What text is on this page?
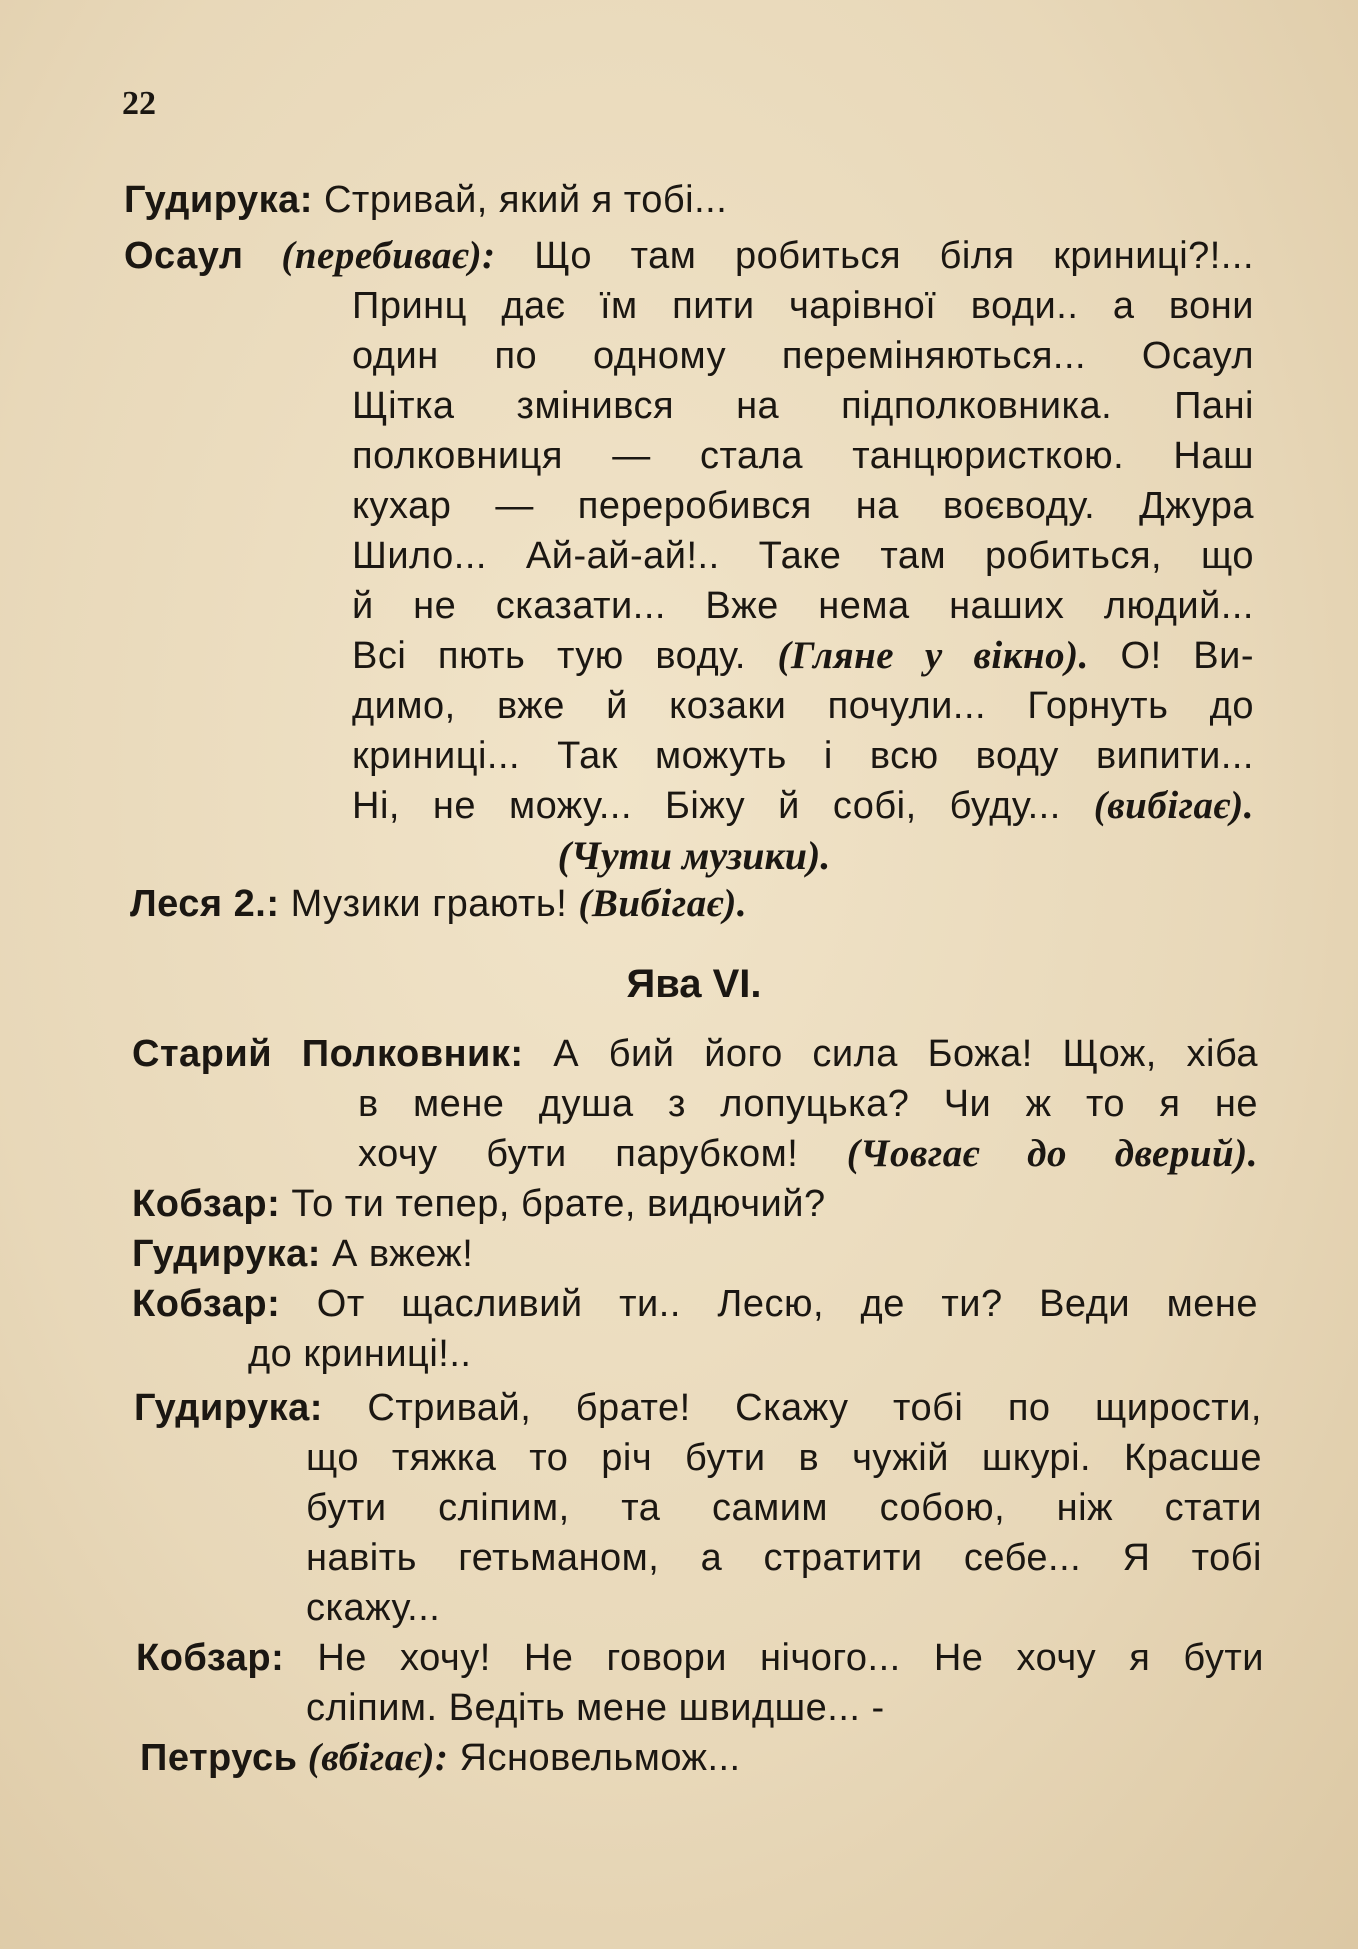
22
Гудирука: Стривай, який я тобі...
Осаул (перебиває): Що там робиться біля криниці?!...
Принц дає їм пити чарівної води.. а вони
один по одному переміняються... Осаул
Щітка змінився на підполковника. Пані
полковниця — стала танцюристкою. Наш
кухар — переробився на воєводу. Джура
Шило... Ай-ай-ай!.. Таке там робиться, що
й не сказати... Вже нема наших людий...
Всі пють тую воду. (Гляне у вікно). О! Ви-
димо, вже й козаки почули... Горнуть до
криниці... Так можуть і всю воду випити...
Ні, не можу... Біжу й собі, буду... (вибігає).
(Чути музики).
Леся 2.: Музики грають! (Вибігає).
Ява VI.
Старий Полковник: А бий його сила Божа! Щож, хіба
в мене душа з лопуцька? Чи ж то я не
хочу бути парубком! (Човгає до дверий).
Кобзар: То ти тепер, брате, видючий?
Гудирука: А вжеж!
Кобзар: От щасливий ти.. Лесю, де ти? Веди мене
до криниці!..
Гудирука: Стривай, брате! Скажу тобі по щирости,
що тяжка то річ бути в чужій шкурі. Красше
бути сліпим, та самим собою, ніж стати
навіть гетьманом, а стратити себе... Я тобі
скажу...
Кобзар: Не хочу! Не говори нічого... Не хочу я бути
сліпим. Ведіть мене швидше... -
Петрусь (вбігає): Ясновельмож...
